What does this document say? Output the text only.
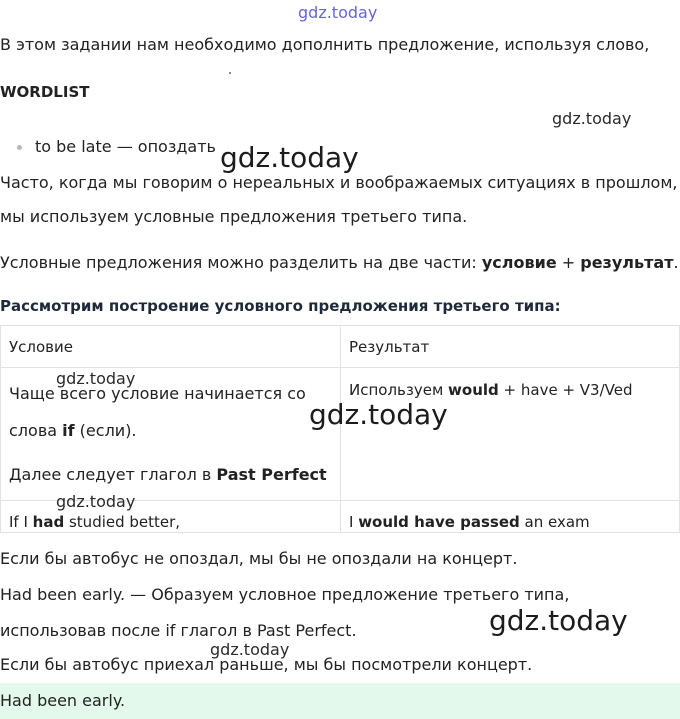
gdz.today
В этом задании нам необходимо дополнить предложение, используя слово,
WORDLIST
gdz.today
to be late — опоздать gdz.today
Часто, когда мы говорим о нереальных и воображаемых ситуациях в прошлом,
мы используем условные предложения третьего типа.
Условные предложения можно разделить на две части: условие + результат.
Рассмотрим построение условного предложения третьего типа:
Условие	Результат

Чаще всего условие начинается со
слова if (если).
Далее следует глагол в Past Perfect	Используем would + have + V3/Ved

If I had studied better,	I would have passed an exam
gdz.today
gdz.today
gdz.today
Если бы автобус не опоздал, мы бы не опоздали на концерт.
Had been early. — Образуем условное предложение третьего типа,
использовав после if глагол в Past Perfect.	gdz.today
gdz.today
Если бы автобус приехал раньше, мы бы посмотрели концерт.
Had been early.
